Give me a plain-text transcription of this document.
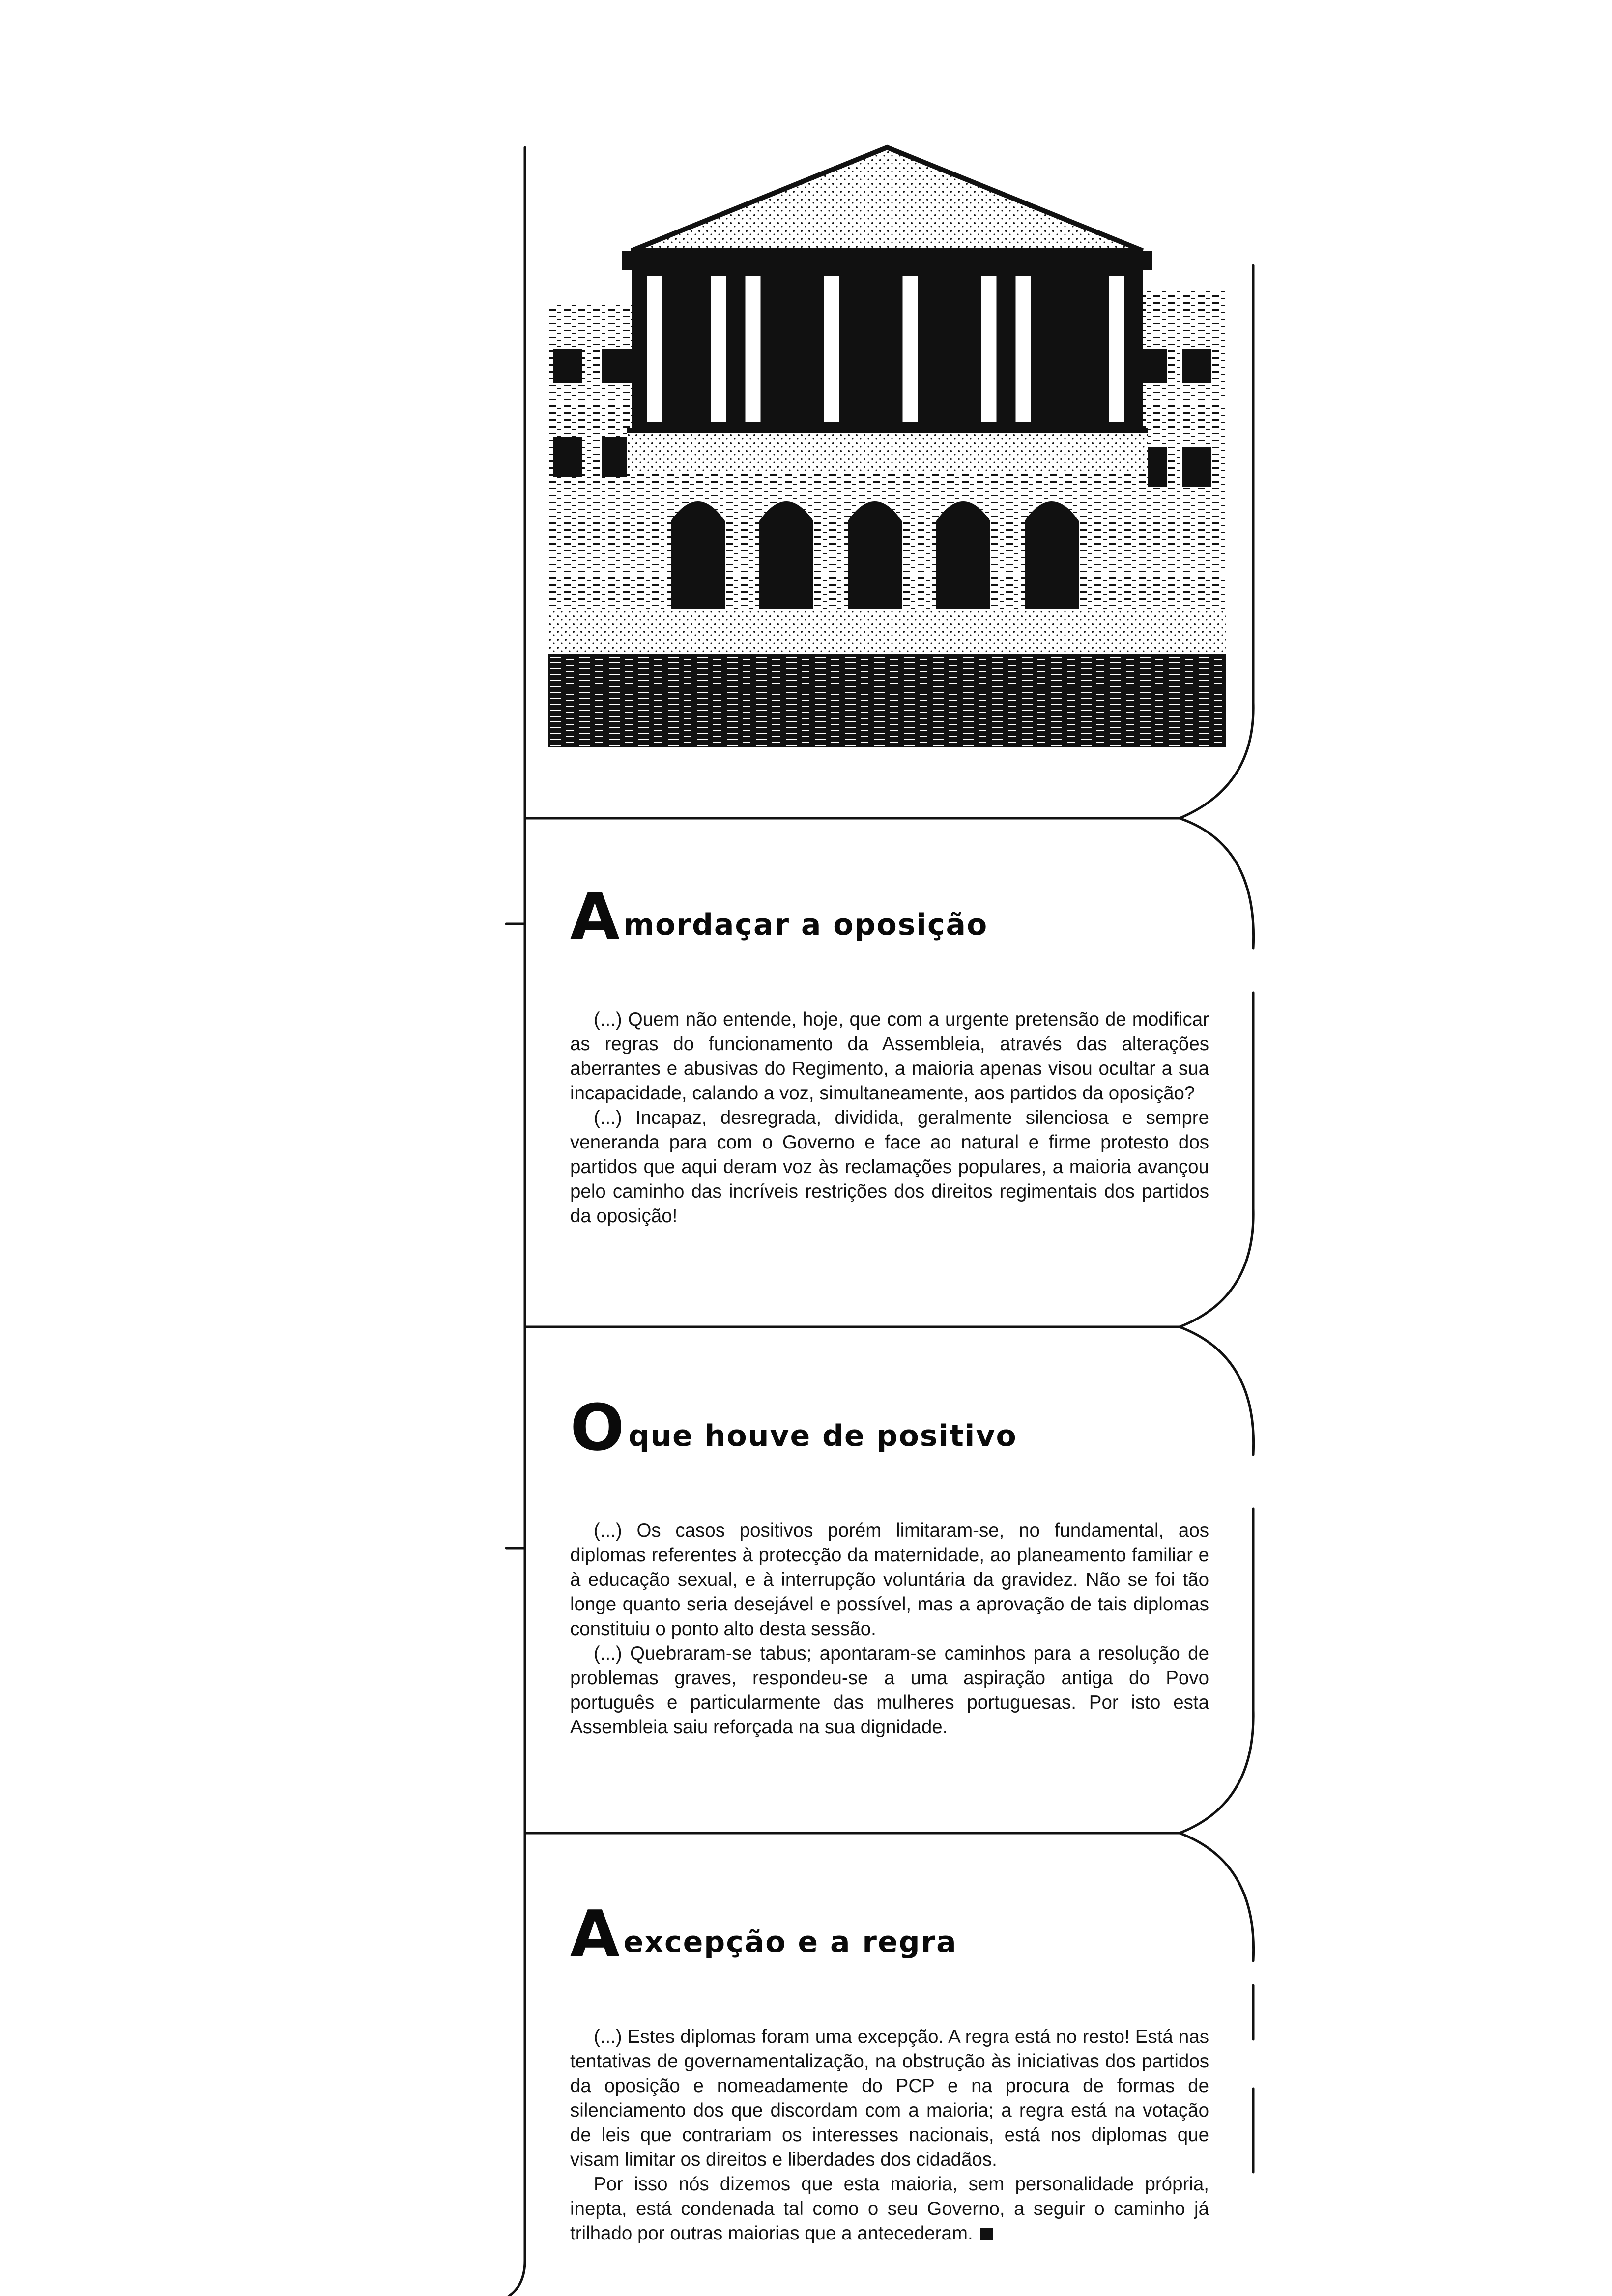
Amordaçar a oposição

(...) Quem não entende, hoje, que com a urgente pretensão de modificar as regras do funcionamento da Assembleia, através das alterações aberrantes e abusivas do Regimento, a maioria apenas visou ocultar a sua incapacidade, calando a voz, simultaneamente, aos partidos da oposição?

(...) Incapaz, desregrada, dividida, geralmente silenciosa e sempre veneranda para com o Governo e face ao natural e firme protesto dos partidos que aqui deram voz às reclamações populares, a maioria avançou pelo caminho das incríveis restrições dos direitos regimentais dos partidos da oposição!

Oque houve de positivo

(...) Os casos positivos porém limitaram-se, no fundamental, aos diplomas referentes à protecção da maternidade, ao planeamento familiar e à educação sexual, e à interrupção voluntária da gravidez. Não se foi tão longe quanto seria desejável e possível, mas a aprovação de tais diplomas constituiu o ponto alto desta sessão.

(...) Quebraram-se tabus; apontaram-se caminhos para a resolução de problemas graves, respondeu-se a uma aspiração antiga do Povo português e particularmente das mulheres portuguesas. Por isto esta Assembleia saiu reforçada na sua dignidade.

Aexcepção e a regra

(...) Estes diplomas foram uma excepção. A regra está no resto! Está nas tentativas de governamentalização, na obstrução às iniciativas dos partidos da oposição e nomeadamente do PCP e na procura de formas de silenciamento dos que discordam com a maioria; a regra está na votação de leis que contrariam os interesses nacionais, está nos diplomas que visam limitar os direitos e liberdades dos cidadãos.

Por isso nós dizemos que esta maioria, sem personalidade própria, inepta, está condenada tal como o seu Governo, a seguir o caminho já trilhado por outras maiorias que a antecederam.
